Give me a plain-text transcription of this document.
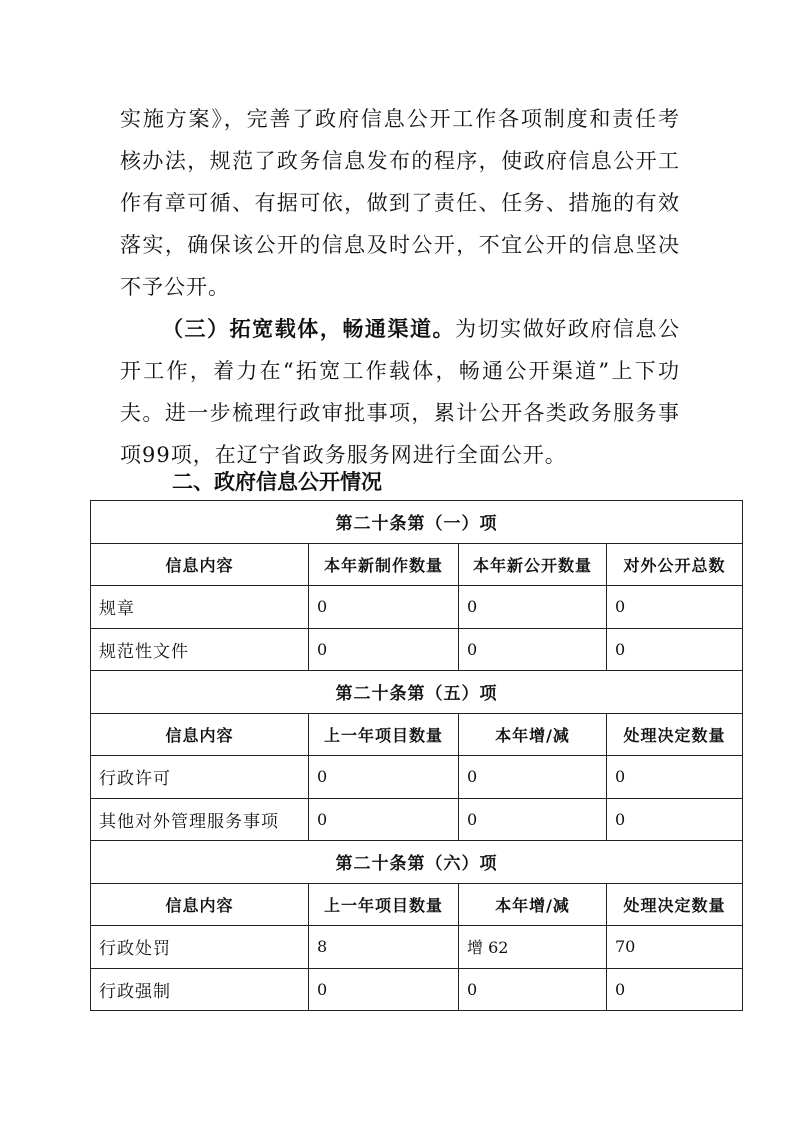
实施方案》，完善了政府信息公开工作各项制度和责任考核办法，规范了政务信息发布的程序，使政府信息公开工作有章可循、有据可依，做到了责任、任务、措施的有效落实，确保该公开的信息及时公开，不宜公开的信息坚决不予公开。

（三）拓宽载体，畅通渠道。为切实做好政府信息公开工作，着力在“拓宽工作载体，畅通公开渠道”上下功夫。进一步梳理行政审批事项，累计公开各类政务服务事项99项，在辽宁省政务服务网进行全面公开。

二、政府信息公开情况
第二十条第（一）项			
信息内容	本年新制作数量	本年新公开数量	对外公开总数
规章	0	0	0
规范性文件	0	0	0
第二十条第（五）项			
信息内容	上一年项目数量	本年增/减	处理决定数量
行政许可	0	0	0
其他对外管理服务事项	0	0	0
第二十条第（六）项			
信息内容	上一年项目数量	本年增/减	处理决定数量
行政处罚	8	增 62	70
行政强制	0	0	0
